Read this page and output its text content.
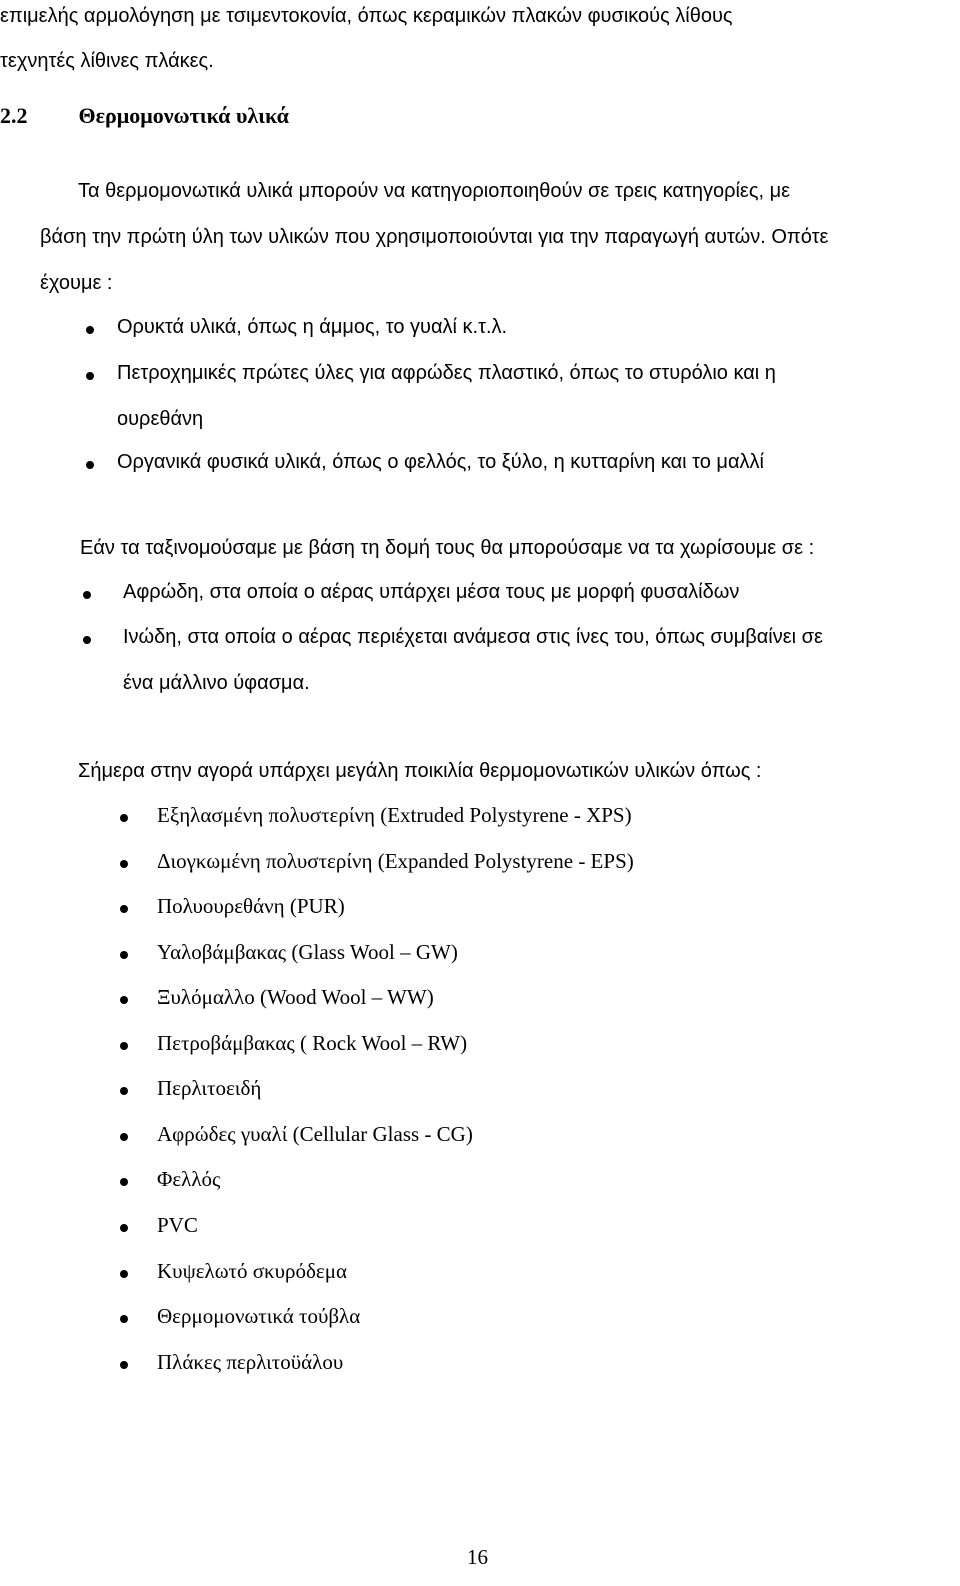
επιμελής αρμολόγηση με τσιμεντοκονία, όπως κεραμικών πλακών φυσικούς λίθους

τεχνητές λίθινες πλάκες.

2.2 Θερμομονωτικά υλικά

Τα θερμομονωτικά υλικά μπορούν να κατηγοριοποιηθούν σε τρεις κατηγορίες, με

βάση την πρώτη ύλη των υλικών που χρησιμοποιούνται για την παραγωγή αυτών. Οπότε

έχουμε :

Ορυκτά υλικά, όπως η άμμος, το γυαλί κ.τ.λ.
Πετροχημικές πρώτες ύλες για αφρώδες πλαστικό, όπως το στυρόλιο και η
ουρεθάνη
Οργανικά φυσικά υλικά, όπως ο φελλός, το ξύλο, η κυτταρίνη και το μαλλί

Εάν τα ταξινομούσαμε με βάση τη δομή τους θα μπορούσαμε να τα χωρίσουμε σε :

Αφρώδη, στα οποία ο αέρας υπάρχει μέσα τους με μορφή φυσαλίδων
Ινώδη, στα οποία ο αέρας περιέχεται ανάμεσα στις ίνες του, όπως συμβαίνει σε
ένα μάλλινο ύφασμα.

Σήμερα στην αγορά υπάρχει μεγάλη ποικιλία θερμομονωτικών υλικών όπως :

Εξηλασμένη πολυστερίνη (Extruded Polystyrene - XPS)
Διογκωμένη πολυστερίνη (Expanded Polystyrene - EPS)
Πολυουρεθάνη (PUR)
Υαλοβάμβακας (Glass Wool – GW)
Ξυλόμαλλο (Wood Wool – WW)
Πετροβάμβακας ( Rock Wool – RW)
Περλιτοειδή
Αφρώδες γυαλί (Cellular Glass - CG)
Φελλός
PVC
Κυψελωτό σκυρόδεμα
Θερμομονωτικά τούβλα
Πλάκες περλιτοϋάλου
16
